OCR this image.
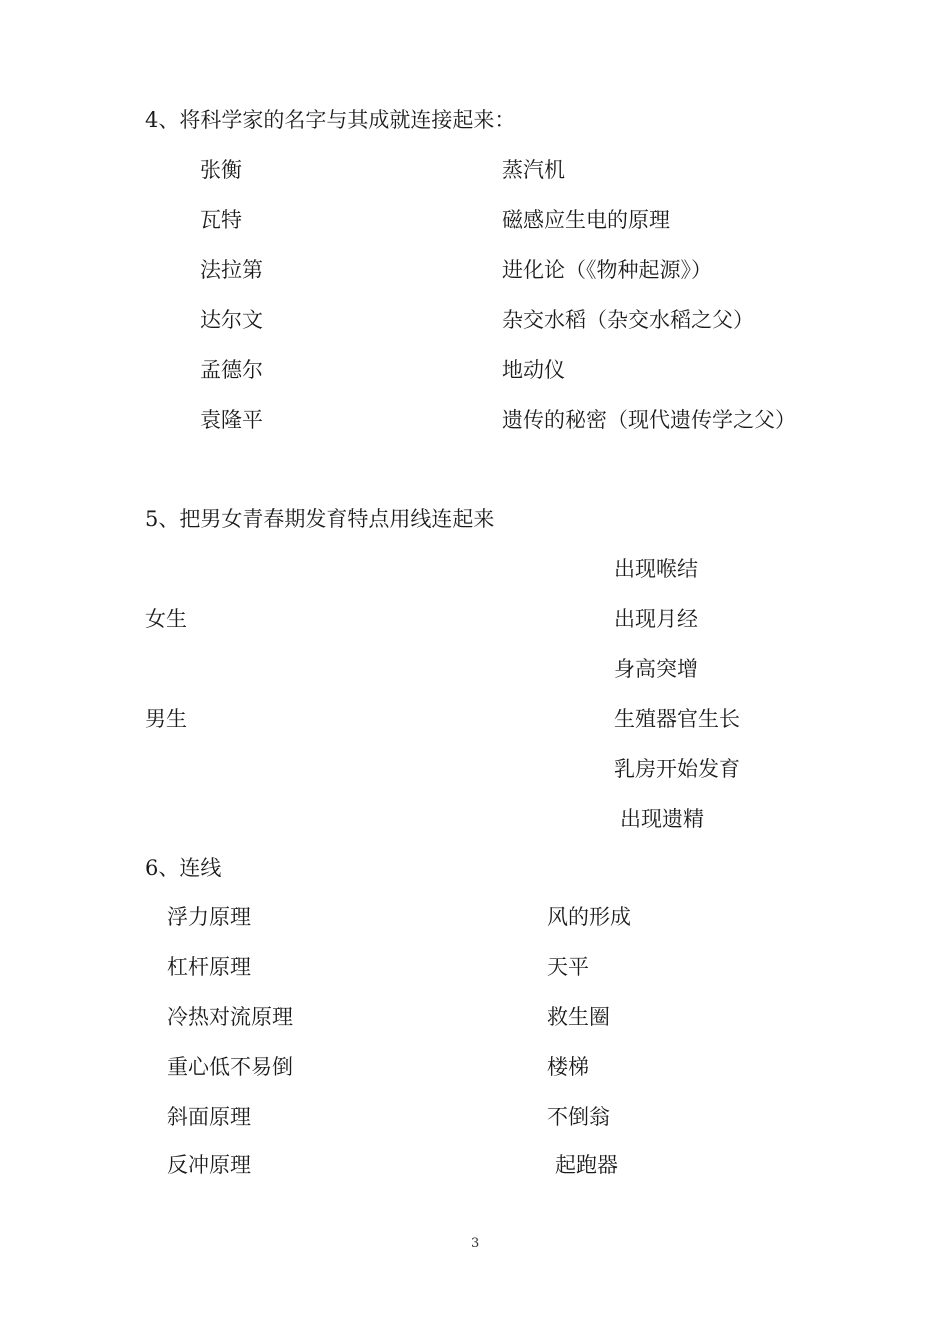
4、将科学家的名字与其成就连接起来：
张衡
瓦特
法拉第
达尔文
孟德尔
袁隆平
蒸汽机
磁感应生电的原理
进化论（《物种起源》）
杂交水稻（杂交水稻之父）
地动仪
遗传的秘密（现代遗传学之父）
5、把男女青春期发育特点用线连起来
出现喉结
女生	出现月经
身高突增
男生	生殖器官生长
乳房开始发育
出现遗精
6、连线
浮力原理
杠杆原理
冷热对流原理
重心低不易倒
斜面原理
反冲原理
风的形成
天平
救生圈
楼梯
不倒翁
起跑器
3
